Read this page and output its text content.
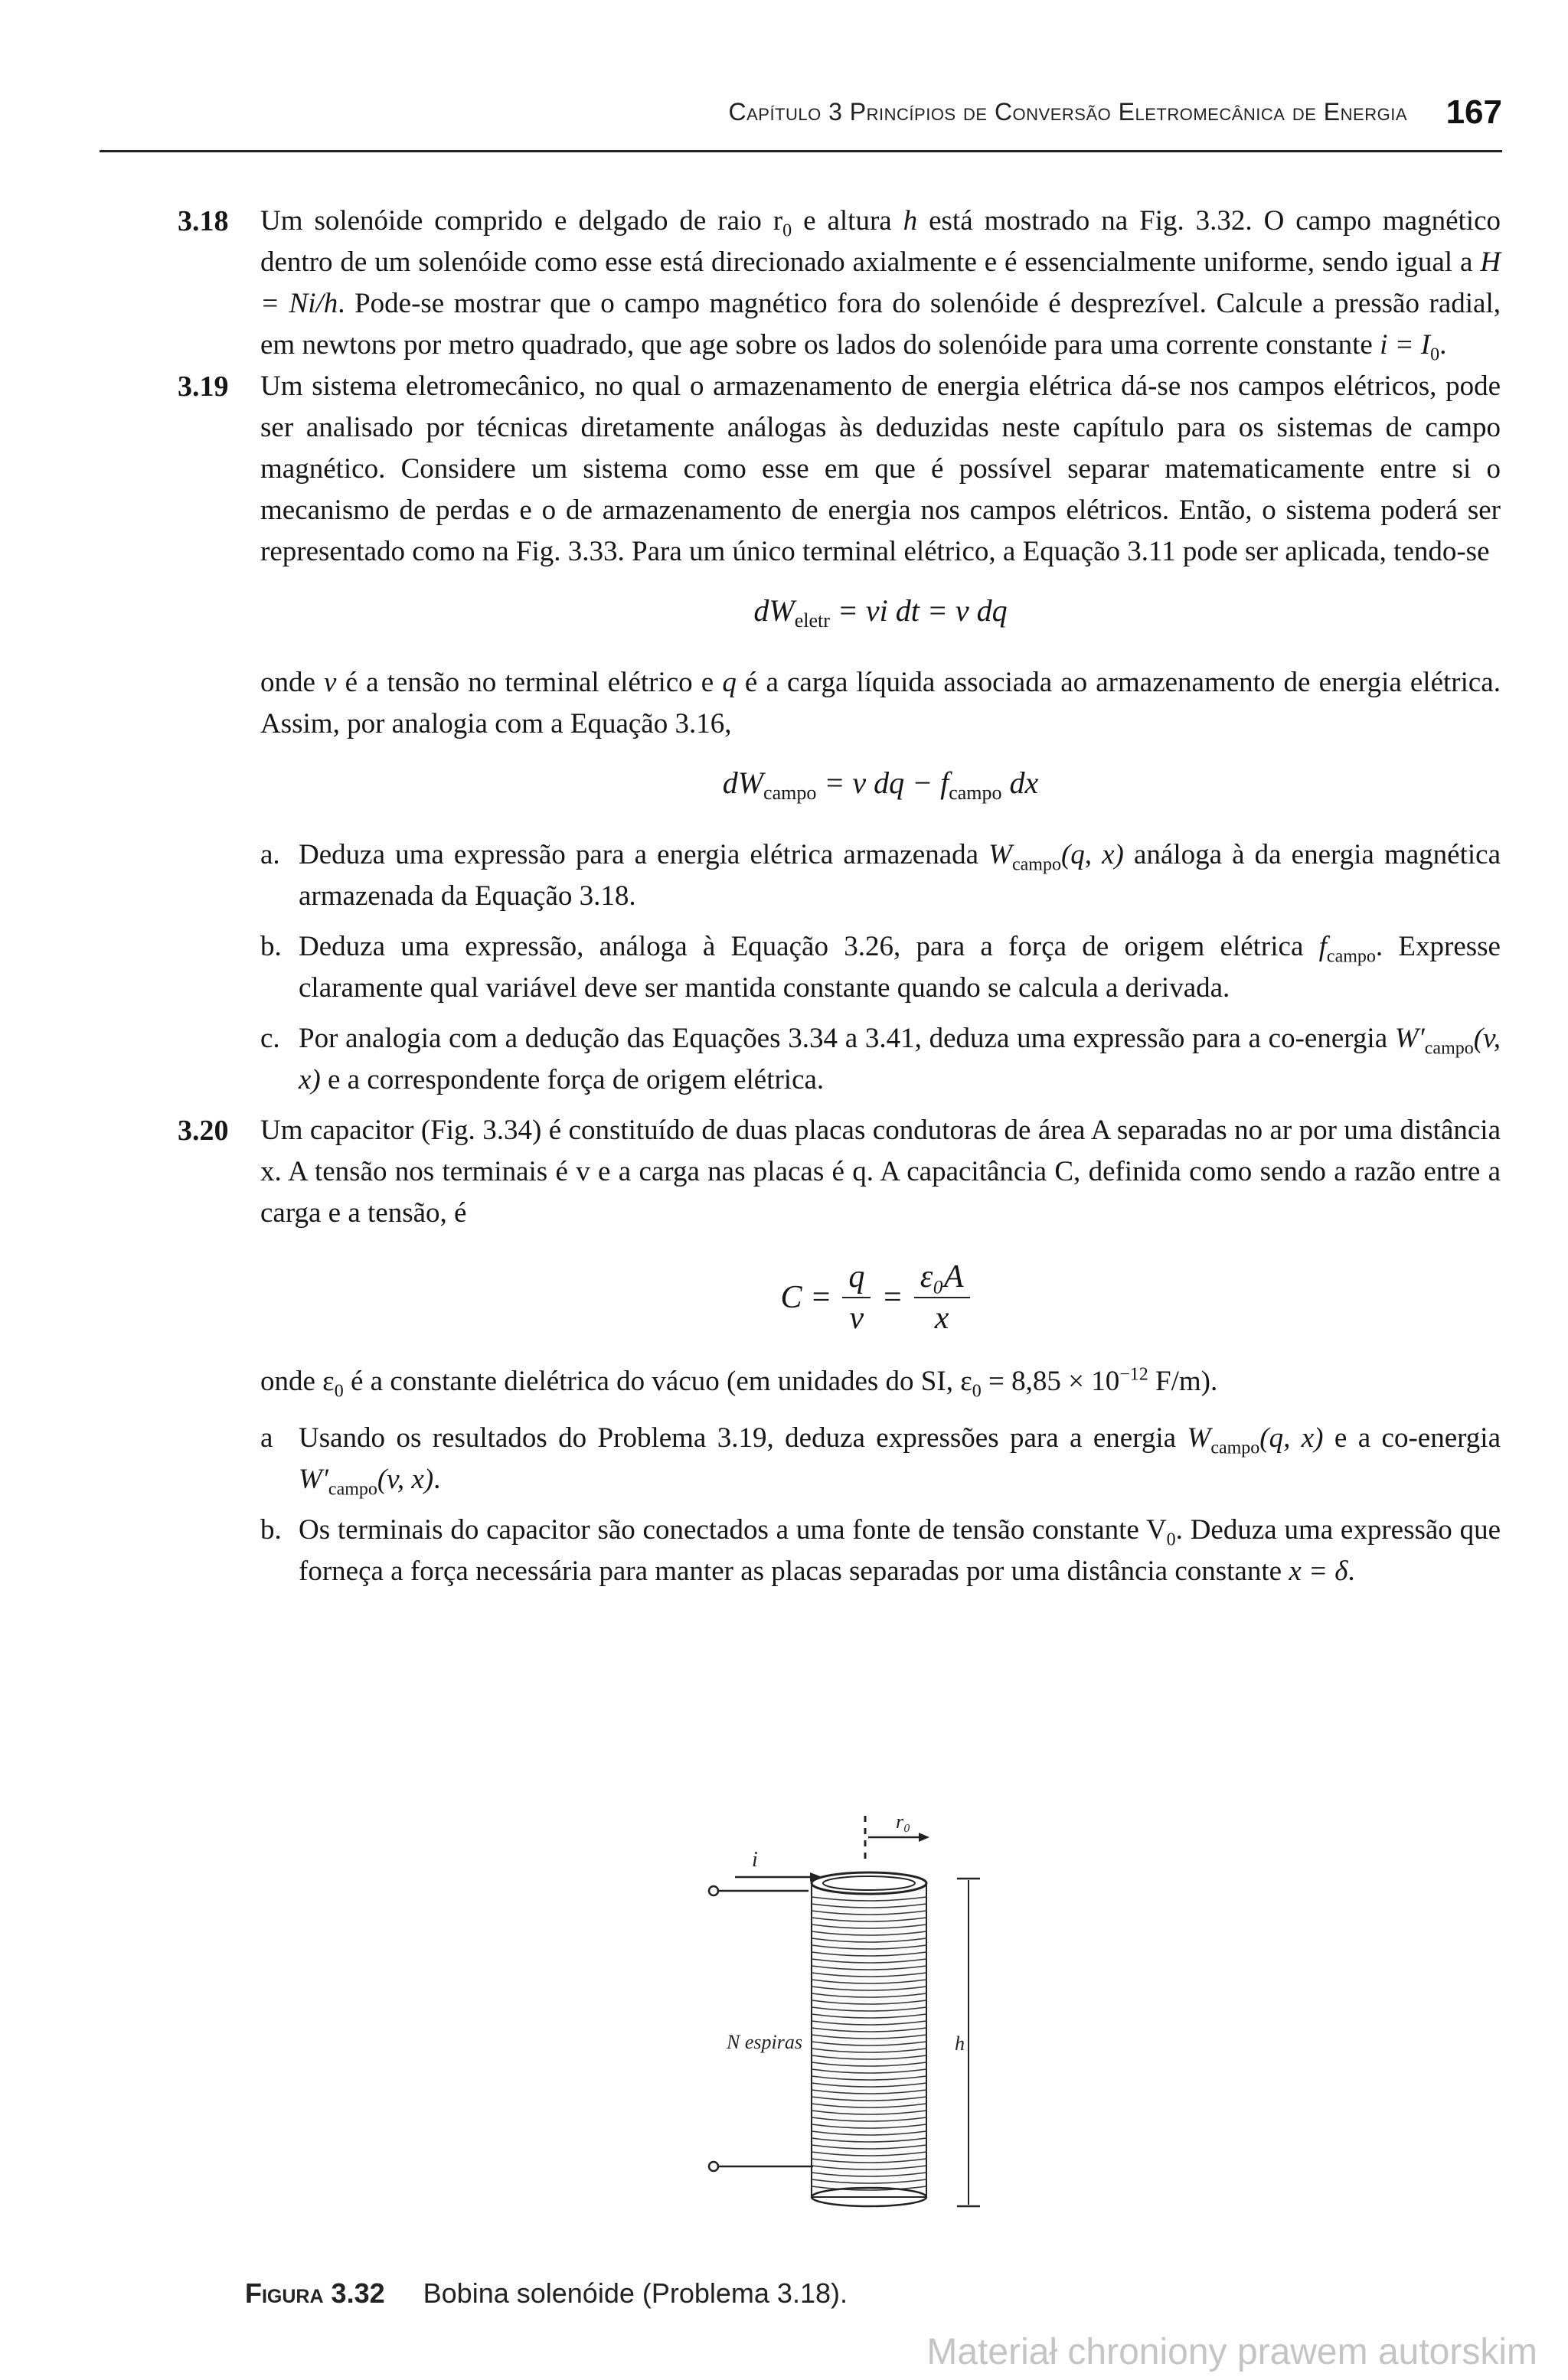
Capítulo 3 Princípios de Conversão Eletromecânica de Energia 167
3.18 Um solenóide comprido e delgado de raio $r_0$ e altura h está mostrado na Fig. 3.32. O campo magnético dentro de um solenóide como esse está direcionado axialmente e é essencialmente uniforme, sendo igual a H = Ni/h. Pode-se mostrar que o campo magnético fora do solenóide é desprezível. Calcule a pressão radial, em newtons por metro quadrado, que age sobre os lados do solenóide para uma corrente constante $i = I_0$.

3.19 Um sistema eletromecânico, no qual o armazenamento de energia elétrica dá-se nos campos elétricos, pode ser analisado por técnicas diretamente análogas às deduzidas neste capítulo para os sistemas de campo magnético. Considere um sistema como esse em que é possível separar matematicamente entre si o mecanismo de perdas e o de armazenamento de energia nos campos elétricos. Então, o sistema poderá ser representado como na Fig. 3.33. Para um único terminal elétrico, a Equação 3.11 pode ser aplicada, tendo-se

$dW_{eletr}$ = vi dt = v dq

onde v é a tensão no terminal elétrico e q é a carga líquida associada ao armazenamento de energia elétrica. Assim, por analogia com a Equação 3.16,

$dW_{campo} = v$ dq − $f_{campo}$ dx
a. Deduza uma expressão para a energia elétrica armazenada $W_{campo}(q$, x) análoga à da energia magnética armazenada da Equação 3.18.
b. Deduza uma expressão, análoga à Equação 3.26, para a força de origem elétrica $f_{campo}$. Expresse claramente qual variável deve ser mantida constante quando se calcula a derivada.
c. Por analogia com a dedução das Equações 3.34 a 3.41, deduza uma expressão para a co-energia $W'_{campo}(v$, x) e a correspondente força de origem elétrica.
3.20 Um capacitor (Fig. 3.34) é constituído de duas placas condutoras de área A separadas no ar por uma distância x. A tensão nos terminais é v e a carga nas placas é q. A capacitância C, definida como sendo a razão entre a carga e a tensão, é

$C = \frac{q}{v} = \frac{\text{ε₀A}}{x}$

onde $\varepsilon_0$ é a constante dielétrica do vácuo (em unidades do SI, $\varepsilon_0 = 8,85 \times 10^{-12}$ F/m).

a Usando os resultados do Problema 3.19, deduza expressões para a energia $W_{campo}(q$, x) e a co-energia $W'_{campo}(v$, x).
b. Os terminais do capacitor são conectados a uma fonte de tensão constante $V_0$. Deduza uma expressão que forneça a força necessária para manter as placas separadas por uma distância constante x = δ.
r₀
i
h
N espiras
Figura 3.32 Bobina solenóide (Problema 3.18).
Materiał chroniony prawem autorskim
